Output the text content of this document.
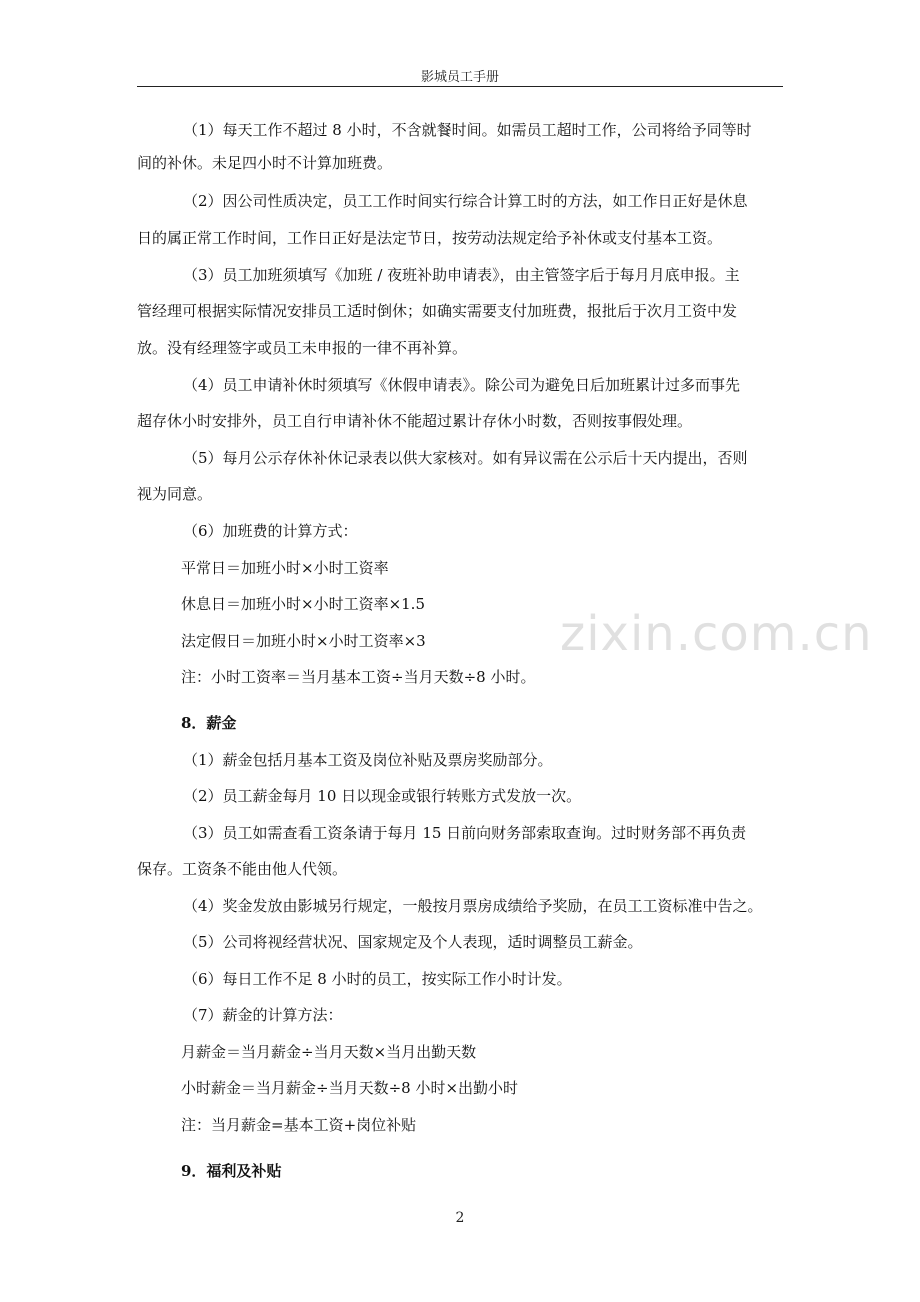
影城员工手册
（1）每天工作不超过 8 小时，不含就餐时间。如需员工超时工作，公司将给予同等时
间的补休。未足四小时不计算加班费。
（2）因公司性质决定，员工工作时间实行综合计算工时的方法，如工作日正好是休息
日的属正常工作时间，工作日正好是法定节日，按劳动法规定给予补休或支付基本工资。
（3）员工加班须填写《加班 / 夜班补助申请表》，由主管签字后于每月月底申报。主
管经理可根据实际情况安排员工适时倒休；如确实需要支付加班费，报批后于次月工资中发
放。没有经理签字或员工未申报的一律不再补算。
（4）员工申请补休时须填写《休假申请表》。除公司为避免日后加班累计过多而事先
超存休小时安排外，员工自行申请补休不能超过累计存休小时数，否则按事假处理。
（5）每月公示存休补休记录表以供大家核对。如有异议需在公示后十天内提出，否则
视为同意。
（6）加班费的计算方式：
平常日＝加班小时×小时工资率
休息日＝加班小时×小时工资率×1.5
法定假日＝加班小时×小时工资率×3
注：小时工资率＝当月基本工资÷当月天数÷8 小时。
8．薪金
（1）薪金包括月基本工资及岗位补贴及票房奖励部分。
（2）员工薪金每月 10 日以现金或银行转账方式发放一次。
（3）员工如需查看工资条请于每月 15 日前向财务部索取查询。过时财务部不再负责
保存。工资条不能由他人代领。
（4）奖金发放由影城另行规定，一般按月票房成绩给予奖励，在员工工资标准中告之。
（5）公司将视经营状况、国家规定及个人表现，适时调整员工薪金。
（6）每日工作不足 8 小时的员工，按实际工作小时计发。
（7）薪金的计算方法：
月薪金＝当月薪金÷当月天数×当月出勤天数
小时薪金＝当月薪金÷当月天数÷8 小时×出勤小时
注：当月薪金=基本工资+岗位补贴
9．福利及补贴
zixin.com.cn
2
